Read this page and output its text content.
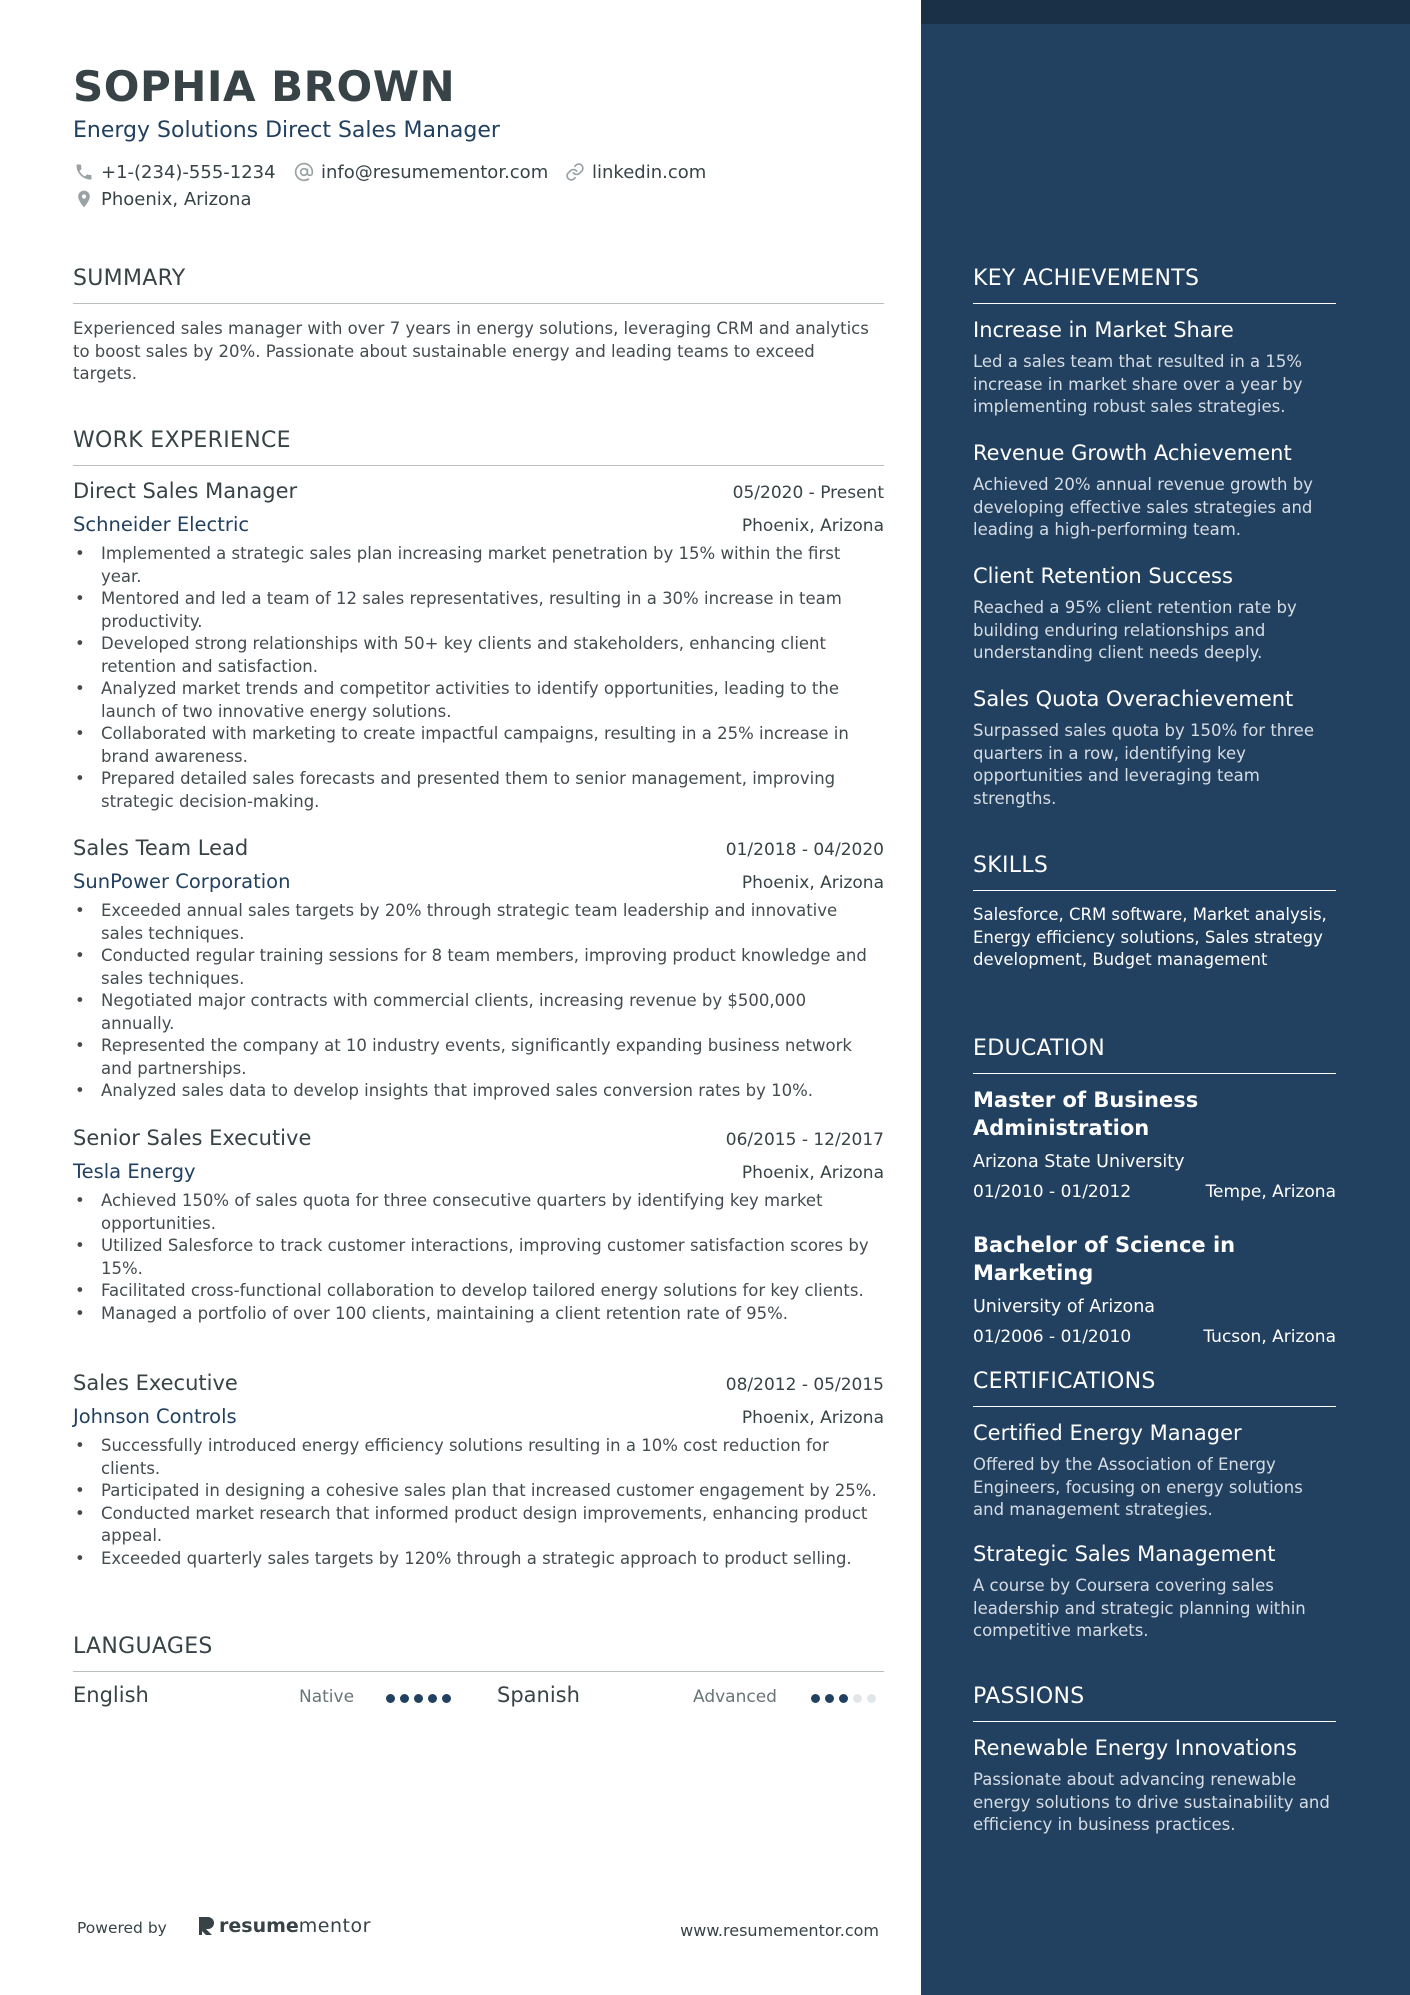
SOPHIA BROWN
Energy Solutions Direct Sales Manager
+1-(234)-555-1234	info@resumementor.com linkedin.com
Phoenix, Arizona
SUMMARY
Experienced sales manager with over 7 years in energy solutions, leveraging CRM and analytics to boost sales by 20%. Passionate about sustainable energy and leading teams to exceed targets.
WORK EXPERIENCE
Direct Sales Manager	05/2020 - Present
Schneider Electric	Phoenix, Arizona
• Implemented a strategic sales plan increasing market penetration by 15% within the first year.
• Mentored and led a team of 12 sales representatives, resulting in a 30% increase in team productivity.
• Developed strong relationships with 50+ key clients and stakeholders, enhancing client retention and satisfaction.
• Analyzed market trends and competitor activities to identify opportunities, leading to the launch of two innovative energy solutions.
• Collaborated with marketing to create impactful campaigns, resulting in a 25% increase in brand awareness.
• Prepared detailed sales forecasts and presented them to senior management, improving strategic decision-making.
Sales Team Lead	01/2018 - 04/2020
SunPower Corporation	Phoenix, Arizona
• Exceeded annual sales targets by 20% through strategic team leadership and innovative sales techniques.
• Conducted regular training sessions for 8 team members, improving product knowledge and sales techniques.
• Negotiated major contracts with commercial clients, increasing revenue by $500,000 annually.
• Represented the company at 10 industry events, significantly expanding business network and partnerships.
• Analyzed sales data to develop insights that improved sales conversion rates by 10%.
Senior Sales Executive	06/2015 - 12/2017
Tesla Energy	Phoenix, Arizona
• Achieved 150% of sales quota for three consecutive quarters by identifying key market opportunities.
• Utilized Salesforce to track customer interactions, improving customer satisfaction scores by 15%.
• Facilitated cross-functional collaboration to develop tailored energy solutions for key clients.
• Managed a portfolio of over 100 clients, maintaining a client retention rate of 95%.
Sales Executive	08/2012 - 05/2015
Johnson Controls	Phoenix, Arizona
• Successfully introduced energy efficiency solutions resulting in a 10% cost reduction for clients.
• Participated in designing a cohesive sales plan that increased customer engagement by 25%.
• Conducted market research that informed product design improvements, enhancing product appeal.
• Exceeded quarterly sales targets by 120% through a strategic approach to product selling.
LANGUAGES
English	Native	Spanish	Advanced
Powered by	resume mentor	www.resumementor.com
KEY ACHIEVEMENTS
Increase in Market Share
Led a sales team that resulted in a 15% increase in market share over a year by implementing robust sales strategies.
Revenue Growth Achievement
Achieved 20% annual revenue growth by developing effective sales strategies and leading a high-performing team.
Client Retention Success
Reached a 95% client retention rate by building enduring relationships and understanding client needs deeply.
Sales Quota Overachievement
Surpassed sales quota by 150% for three quarters in a row, identifying key opportunities and leveraging team strengths.
SKILLS
Salesforce, CRM software, Market analysis, Energy efficiency solutions, Sales strategy development, Budget management
EDUCATION
Master of Business Administration
Arizona State University
01/2010 - 01/2012	Tempe, Arizona
Bachelor of Science in Marketing
University of Arizona
01/2006 - 01/2010	Tucson, Arizona
CERTIFICATIONS
Certified Energy Manager
Offered by the Association of Energy Engineers, focusing on energy solutions and management strategies.
Strategic Sales Management
A course by Coursera covering sales leadership and strategic planning within competitive markets.
PASSIONS
Renewable Energy Innovations
Passionate about advancing renewable energy solutions to drive sustainability and efficiency in business practices.
